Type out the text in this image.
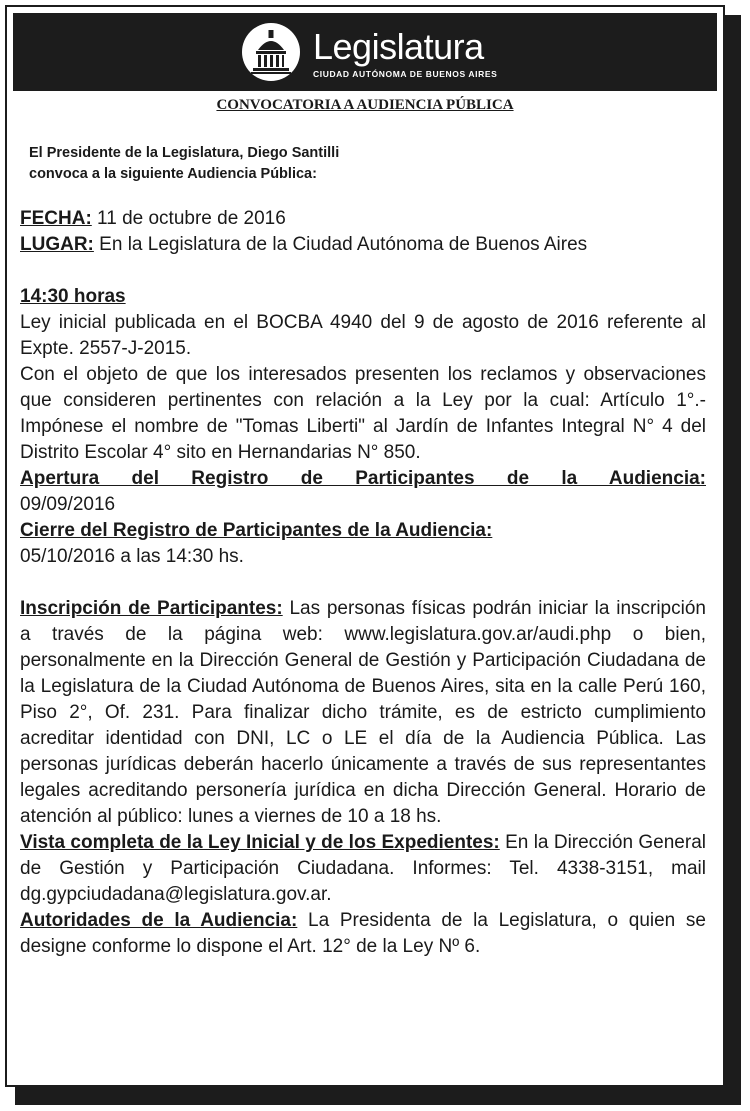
Legislatura
CIUDAD AUTÓNOMA DE BUENOS AIRES
CONVOCATORIA A AUDIENCIA PÚBLICA
El Presidente de la Legislatura, Diego Santilli
convoca a la siguiente Audiencia Pública:

FECHA: 11 de octubre de 2016

LUGAR: En la Legislatura de la Ciudad Autónoma de Buenos Aires

14:30 horas

Ley inicial publicada en el BOCBA 4940 del 9 de agosto de 2016 referente al Expte. 2557-J-2015.

Con el objeto de que los interesados presenten los reclamos y observaciones que consideren pertinentes con relación a la Ley por la cual: Artículo 1°.- Impónese el nombre de "Tomas Liberti" al Jardín de Infantes Integral N° 4 del Distrito Escolar 4° sito en Hernandarias N° 850.

Apertura del Registro de Participantes de la Audiencia:

09/09/2016

Cierre del Registro de Participantes de la Audiencia:

05/10/2016 a las 14:30 hs.

Inscripción de Participantes: Las personas físicas podrán iniciar la inscripción a través de la página web: www.legislatura.gov.ar/audi.php o bien, personalmente en la Dirección General de Gestión y Participación Ciudadana de la Legislatura de la Ciudad Autónoma de Buenos Aires, sita en la calle Perú 160, Piso 2°, Of. 231. Para finalizar dicho trámite, es de estricto cumplimiento acreditar identidad con DNI, LC o LE el día de la Audiencia Pública. Las personas jurídicas deberán hacerlo únicamente a través de sus representantes legales acreditando personería jurídica en dicha Dirección General. Horario de atención al público: lunes a viernes de 10 a 18 hs.

Vista completa de la Ley Inicial y de los Expedientes: En la Dirección General de Gestión y Participación Ciudadana. Informes: Tel. 4338-3151, mail dg.gypciudadana@legislatura.gov.ar.

Autoridades de la Audiencia: La Presidenta de la Legislatura, o quien se designe conforme lo dispone el Art. 12° de la Ley Nº 6.
